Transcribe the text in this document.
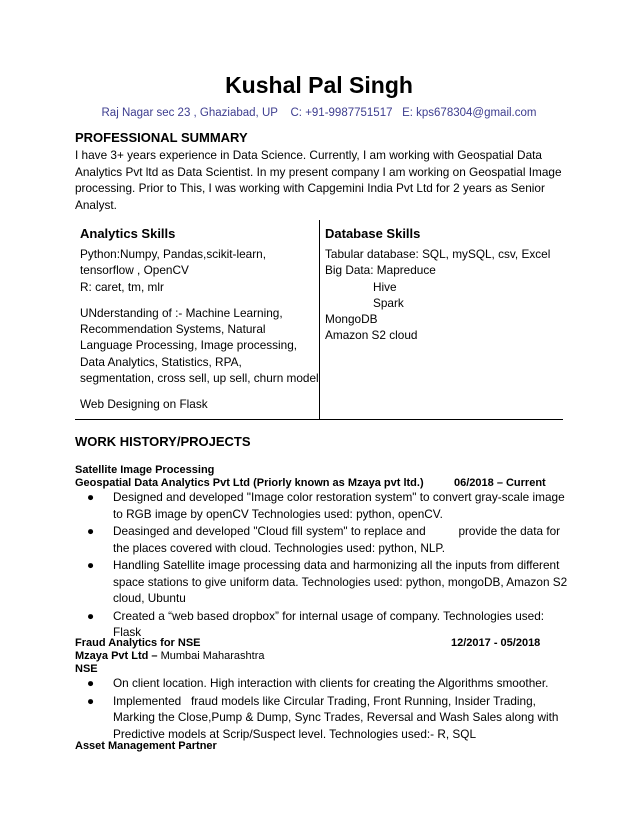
Kushal Pal Singh
Raj Nagar sec 23 , Ghaziabad, UP    C: +91-9987751517   E: kps678304@gmail.com
PROFESSIONAL SUMMARY
I have 3+ years experience in Data Science. Currently, I am working with Geospatial Data
Analytics Pvt ltd as Data Scientist. In my present company I am working on Geospatial Image
processing. Prior to This, I was working with Capgemini India Pvt Ltd for 2 years as Senior
Analyst.
Analytics Skills
Python:Numpy, Pandas,scikit-learn,
tensorflow , OpenCV
R: caret, tm, mlr
UNderstanding of :- Machine Learning,
Recommendation Systems, Natural
Language Processing, Image processing,
Data Analytics, Statistics, RPA,
segmentation, cross sell, up sell, churn model
Web Designing on Flask
Database Skills
Tabular database: SQL, mySQL, csv, Excel
Big Data: Mapreduce
Hive
Spark
MongoDB
Amazon S2 cloud
WORK HISTORY/PROJECTS
Satellite Image Processing
Geospatial Data Analytics Pvt Ltd (Priorly known as Mzaya pvt ltd.)	06/2018 – Current
● Designed and developed "Image color restoration system" to convert gray-scale image
to RGB image by openCV Technologies used: python, openCV.
● Deasinged and developed "Cloud fill system" to replace and          provide the data for
the places covered with cloud. Technologies used: python, NLP.
● Handling Satellite image processing data and harmonizing all the inputs from different
space stations to give uniform data. Technologies used: python, mongoDB, Amazon S2
cloud, Ubuntu
● Created a “web based dropbox” for internal usage of company. Technologies used:
Flask
Fraud Analytics for NSE	12/2017 - 05/2018
Mzaya Pvt Ltd – Mumbai Maharashtra
NSE
● On client location. High interaction with clients for creating the Algorithms smoother.
● Implemented   fraud models like Circular Trading, Front Running, Insider Trading,
Marking the Close,Pump & Dump, Sync Trades, Reversal and Wash Sales along with
Predictive models at Scrip/Suspect level. Technologies used:- R, SQL
Asset Management Partner
